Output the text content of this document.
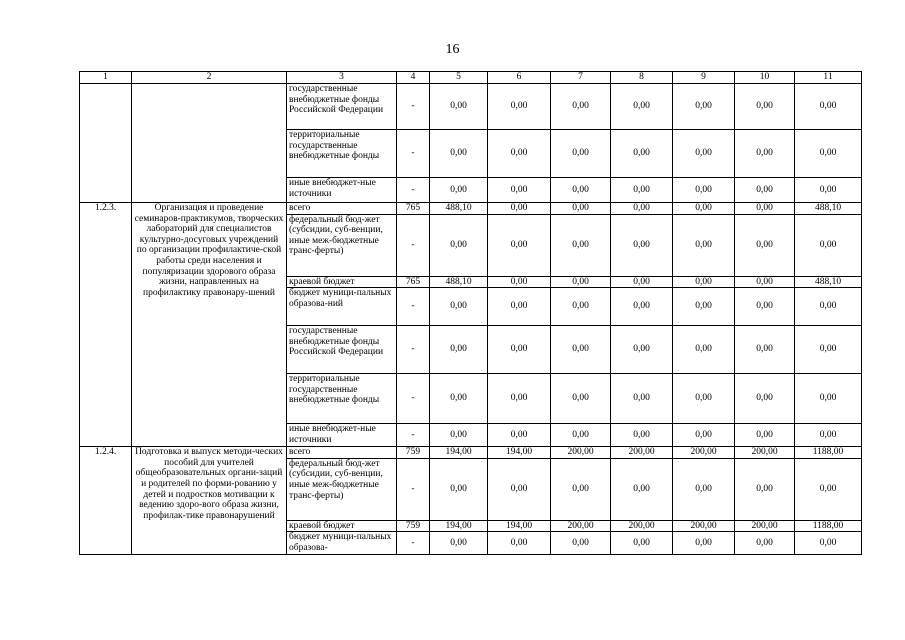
16
1	2	3	4	5	6	7	8	9	10	11
		государственные внебюджетные фонды Российской Федерации	-	0,00	0,00	0,00	0,00	0,00	0,00	0,00
		территориальные государственные внебюджетные фонды	-	0,00	0,00	0,00	0,00	0,00	0,00	0,00
		иные внебюджет-ные источники	-	0,00	0,00	0,00	0,00	0,00	0,00	0,00
1.2.3.	Организация и проведение семинаров-практикумов, творческих лабораторий для специалистов культурно-досуговых учреждений по организации профилактиче-ской работы среди населения и популяризации здорового образа жизни, направленных на профилактику правонару-шений	всего	765	488,10	0,00	0,00	0,00	0,00	0,00	488,10
		федеральный бюд-жет (субсидии, суб-венции, иные меж-бюджетные транс-ферты)	-	0,00	0,00	0,00	0,00	0,00	0,00	0,00
		краевой бюджет	765	488,10	0,00	0,00	0,00	0,00	0,00	488,10
		бюджет муници-пальных образова-ний	-	0,00	0,00	0,00	0,00	0,00	0,00	0,00
		государственные внебюджетные фонды Российской Федерации	-	0,00	0,00	0,00	0,00	0,00	0,00	0,00
		территориальные государственные внебюджетные фонды	-	0,00	0,00	0,00	0,00	0,00	0,00	0,00
		иные внебюджет-ные источники	-	0,00	0,00	0,00	0,00	0,00	0,00	0,00
1.2.4.	Подготовка и выпуск методи-ческих пособий для учителей общеобразовательных органи-заций и родителей по форми-рованию у детей и подростков мотивации к ведению здоро-вого образа жизни, профилак-тике правонарушений	всего	759	194,00	194,00	200,00	200,00	200,00	200,00	1188,00
		федеральный бюд-жет (субсидии, суб-венции, иные меж-бюджетные транс-ферты)	-	0,00	0,00	0,00	0,00	0,00	0,00	0,00
		краевой бюджет	759	194,00	194,00	200,00	200,00	200,00	200,00	1188,00
		бюджет муници-пальных образова-	-	0,00	0,00	0,00	0,00	0,00	0,00	0,00
